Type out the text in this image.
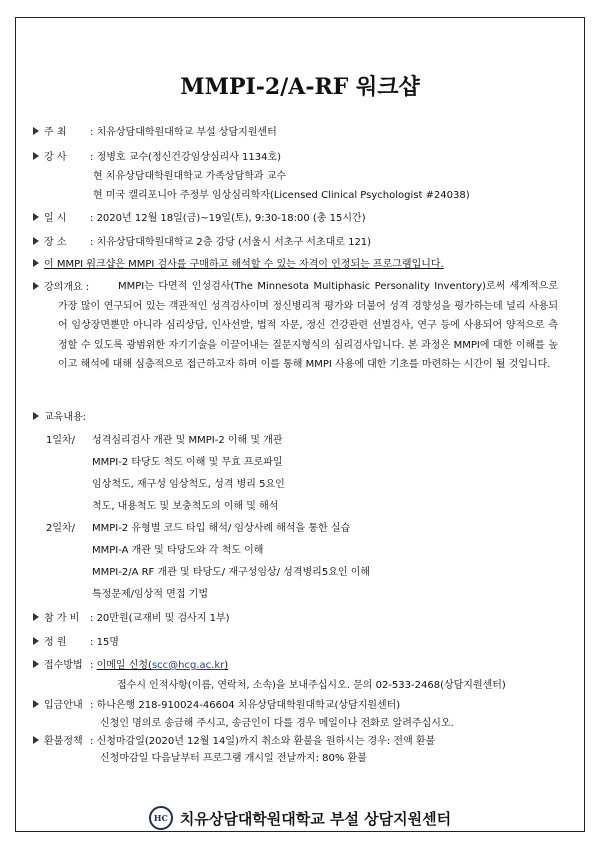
MMPI-2/A-RF 워크샵
주 최 : 치유상담대학원대학교 부설 상담지원센터
강 사 : 정병호 교수(정신건강임상심리사 1134호)
현 치유상담대학원대학교 가족상담학과 교수
현 미국 캘리포니아 주정부 임상심리학자(Licensed Clinical Psychologist #24038)
일 시 : 2020년 12월 18일(금)~19일(토), 9:30-18:00 (총 15시간)
장 소 : 치유상담대학원대학교 2층 강당 (서울시 서초구 서초대로 121)
이 MMPI 워크샵은 MMPI 검사를 구매하고 해석할 수 있는 자격이 인정되는 프로그램입니다.
강의개요 :	MMPI는 다면적 인성검사(The Minnesota Multiphasic Personality Inventory)로써 세계적으로 가장 많이 연구되어 있는 객관적인 성격검사이며 정신병리적 평가와 더불어 성격 경향성을 평가하는데 널리 사용되어 임상장면뿐만 아니라 심리상담, 인사선발, 법적 자문, 정신 건강관련 선별검사, 연구 등에 사용되어 양적으로 측정할 수 있도록 광범위한 자기기술을 이끌어내는 질문지형식의 심리검사입니다. 본 과정은 MMPI에 대한 이해를 높이고 해석에 대해 심층적으로 접근하고자 하며 이를 통해 MMPI 사용에 대한 기초를 마련하는 시간이 될 것입니다.
교육내용:
1일차/ 성격심리검사 개관 및 MMPI-2 이해 및 개관
MMPI-2 타당도 척도 이해 및 무효 프로파일
임상척도, 재구성 임상척도, 성격 병리 5요인
척도, 내용척도 및 보충척도의 이해 및 해석
2일차/ MMPI-2 유형별 코드 타입 해석/ 임상사례 해석을 통한 실습
MMPI-A 개관 및 타당도와 각 척도 이해
MMPI-2/A RF 개관 및 타당도/ 재구성임상/ 성격병리5요인 이해
특정문제/임상적 면접 기법
참 가 비 : 20만원(교재비 및 검사지 1부)
정 원 : 15명
접수방법 : 이메일 신청(scc@hcg.ac.kr)
접수시 인적사항(이름, 연락처, 소속)을 보내주십시오. 문의 02-533-2468(상담지원센터)
입금안내 : 하나은행 218-910024-46604 치유상담대학원대학교(상담지원센터)
신청인 명의로 송금해 주시고, 송금인이 다를 경우 메일이나 전화로 알려주십시오.
환불정책 : 신청마감일(2020년 12월 14일)까지 취소와 환불을 원하시는 경우: 전액 환불
신청마감일 다음날부터 프로그램 개시일 전날까지: 80% 환불
HC 치유상담대학원대학교 부설 상담지원센터
